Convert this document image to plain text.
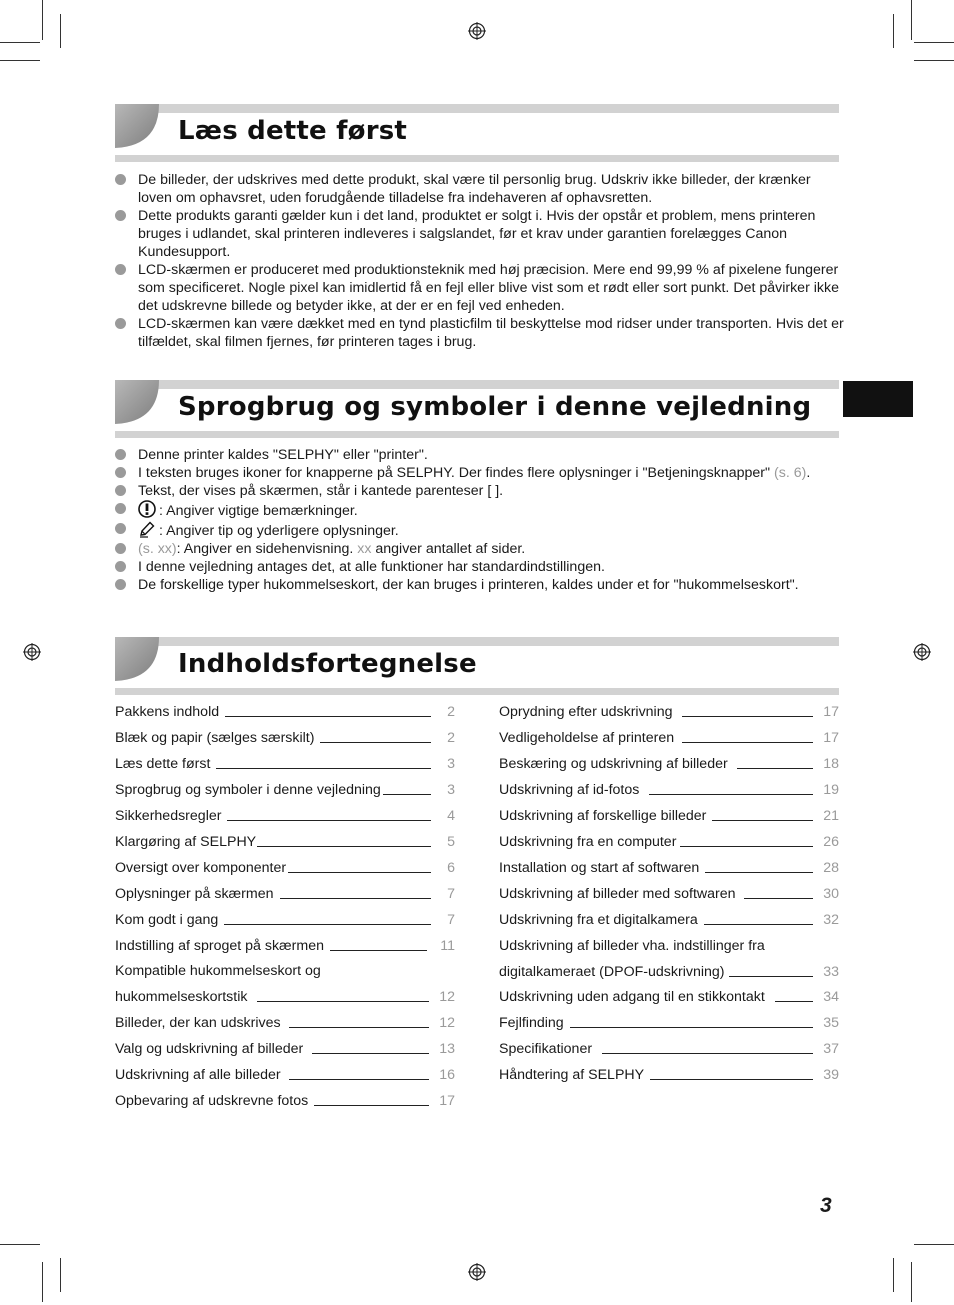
Læs dette først
De billeder, der udskrives med dette produkt, skal være til personlig brug. Udskriv ikke billeder, der krænker loven om ophavsret, uden forudgående tilladelse fra indehaveren af ophavsretten.
Dette produkts garanti gælder kun i det land, produktet er solgt i. Hvis der opstår et problem, mens printeren bruges i udlandet, skal printeren indleveres i salgslandet, før et krav under garantien forelægges Canon Kundesupport.
LCD-skærmen er produceret med produktionsteknik med høj præcision. Mere end 99,99 % af pixelene fungerer som specificeret. Nogle pixel kan imidlertid få en fejl eller blive vist som et rødt eller sort punkt. Det påvirker ikke det udskrevne billede og betyder ikke, at der er en fejl ved enheden.
LCD-skærmen kan være dækket med en tynd plasticfilm til beskyttelse mod ridser under transporten. Hvis det er tilfældet, skal filmen fjernes, før printeren tages i brug.
Sprogbrug og symboler i denne vejledning
Denne printer kaldes "SELPHY" eller "printer".
I teksten bruges ikoner for knapperne på SELPHY. Der findes flere oplysninger i "Betjeningsknapper" (s. 6).
Tekst, der vises på skærmen, står i kantede parenteser [ ].
: Angiver vigtige bemærkninger.
: Angiver tip og yderligere oplysninger.
(s. xx): Angiver en sidehenvisning. xx angiver antallet af sider.
I denne vejledning antages det, at alle funktioner har standardindstillingen.
De forskellige typer hukommelseskort, der kan bruges i printeren, kaldes under et for "hukommelseskort".
Indholdsfortegnelse
Pakkens indhold	2
Blæk og papir (sælges særskilt)	2
Læs dette først	3
Sprogbrug og symboler i denne vejledning	3
Sikkerhedsregler	4
Klargøring af SELPHY	5
Oversigt over komponenter	6
Oplysninger på skærmen	7
Kom godt i gang	7
Indstilling af sproget på skærmen	11
Kompatible hukommelseskort og
hukommelseskortstik	12
Billeder, der kan udskrives	12
Valg og udskrivning af billeder	13
Udskrivning af alle billeder	16
Opbevaring af udskrevne fotos	17
Oprydning efter udskrivning	17
Vedligeholdelse af printeren	17
Beskæring og udskrivning af billeder	18
Udskrivning af id-fotos	19
Udskrivning af forskellige billeder	21
Udskrivning fra en computer	26
Installation og start af softwaren	28
Udskrivning af billeder med softwaren	30
Udskrivning fra et digitalkamera	32
Udskrivning af billeder vha. indstillinger fra
digitalkameraet (DPOF-udskrivning)	33
Udskrivning uden adgang til en stikkontakt	34
Fejlfinding	35
Specifikationer	37
Håndtering af SELPHY	39
3
